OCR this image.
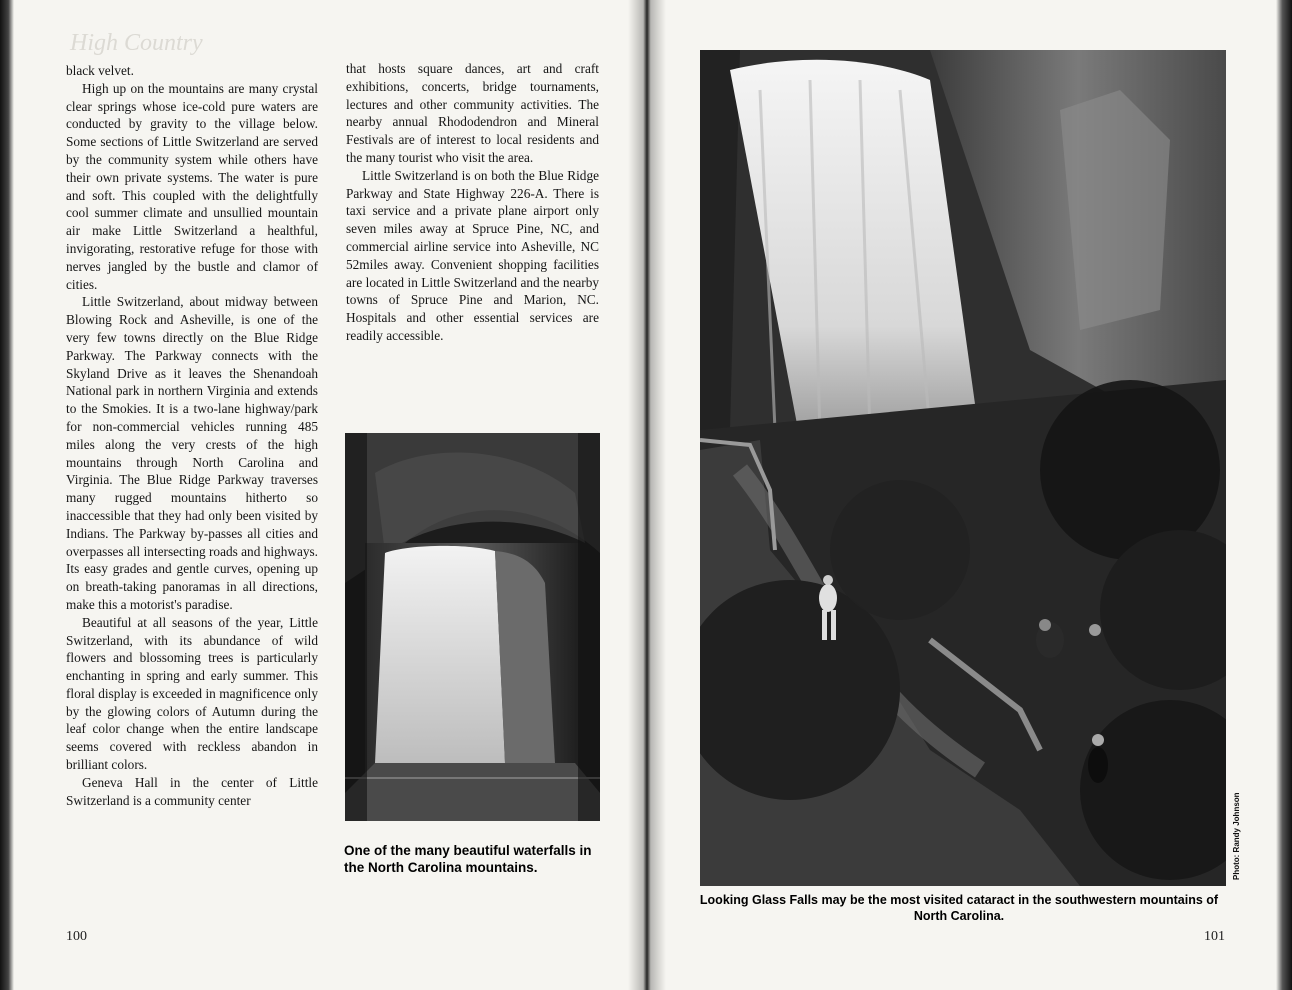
High Country

black velvet.

High up on the mountains are many crystal clear springs whose ice-cold pure waters are conducted by gravity to the village below. Some sections of Little Switzerland are served by the community system while others have their own private systems. The water is pure and soft. This coupled with the delightfully cool summer climate and unsullied mountain air make Little Switzerland a healthful, invigorating, restorative refuge for those with nerves jangled by the bustle and clamor of cities.

Little Switzerland, about midway between Blowing Rock and Asheville, is one of the very few towns directly on the Blue Ridge Parkway. The Parkway connects with the Skyland Drive as it leaves the Shenandoah National park in northern Virginia and extends to the Smokies. It is a two-lane highway/park for non-commercial vehicles running 485 miles along the very crests of the high mountains through North Carolina and Virginia. The Blue Ridge Parkway traverses many rugged mountains hitherto so inaccessible that they had only been visited by Indians. The Parkway by-passes all cities and overpasses all intersecting roads and highways. Its easy grades and gentle curves, opening up on breath-taking panoramas in all directions, make this a motorist's paradise.

Beautiful at all seasons of the year, Little Switzerland, with its abundance of wild flowers and blossoming trees is particularly enchanting in spring and early summer. This floral display is exceeded in magnificence only by the glowing colors of Autumn during the leaf color change when the entire landscape seems covered with reckless abandon in brilliant colors.

Geneva Hall in the center of Little Switzerland is a community center

that hosts square dances, art and craft exhibitions, concerts, bridge tournaments, lectures and other community activities. The nearby annual Rhododendron and Mineral Festivals are of interest to local residents and the many tourist who visit the area.

Little Switzerland is on both the Blue Ridge Parkway and State Highway 226-A. There is taxi service and a private plane airport only seven miles away at Spruce Pine, NC, and commercial airline service into Asheville, NC 52miles away. Convenient shopping facilities are located in Little Switzerland and the nearby towns of Spruce Pine and Marion, NC. Hospitals and other essential services are readily accessible.

One of the many beautiful waterfalls in the North Carolina mountains.
100
Looking Glass Falls may be the most visited cataract in the southwestern mountains of North Carolina.
Photo: Randy Johnson
101
